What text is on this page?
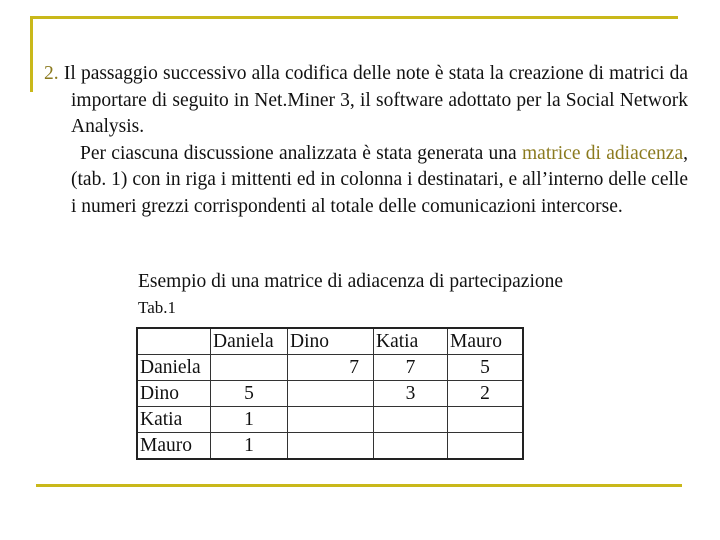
2. Il passaggio successivo alla codifica delle note è stata la creazione di matrici da importare di seguito in Net.Miner 3, il software adottato per la Social Network Analysis.

Per ciascuna discussione analizzata è stata generata una matrice di adiacenza, (tab. 1) con in riga i mittenti ed in colonna i destinatari, e all’interno delle celle i numeri grezzi corrispondenti al totale delle comunicazioni intercorse.

Esempio di una matrice di adiacenza di partecipazione
Tab.1
	Daniela	Dino	Katia	Mauro
Daniela		7	7	5
Dino	5		3	2
Katia	1			
Mauro	1			
